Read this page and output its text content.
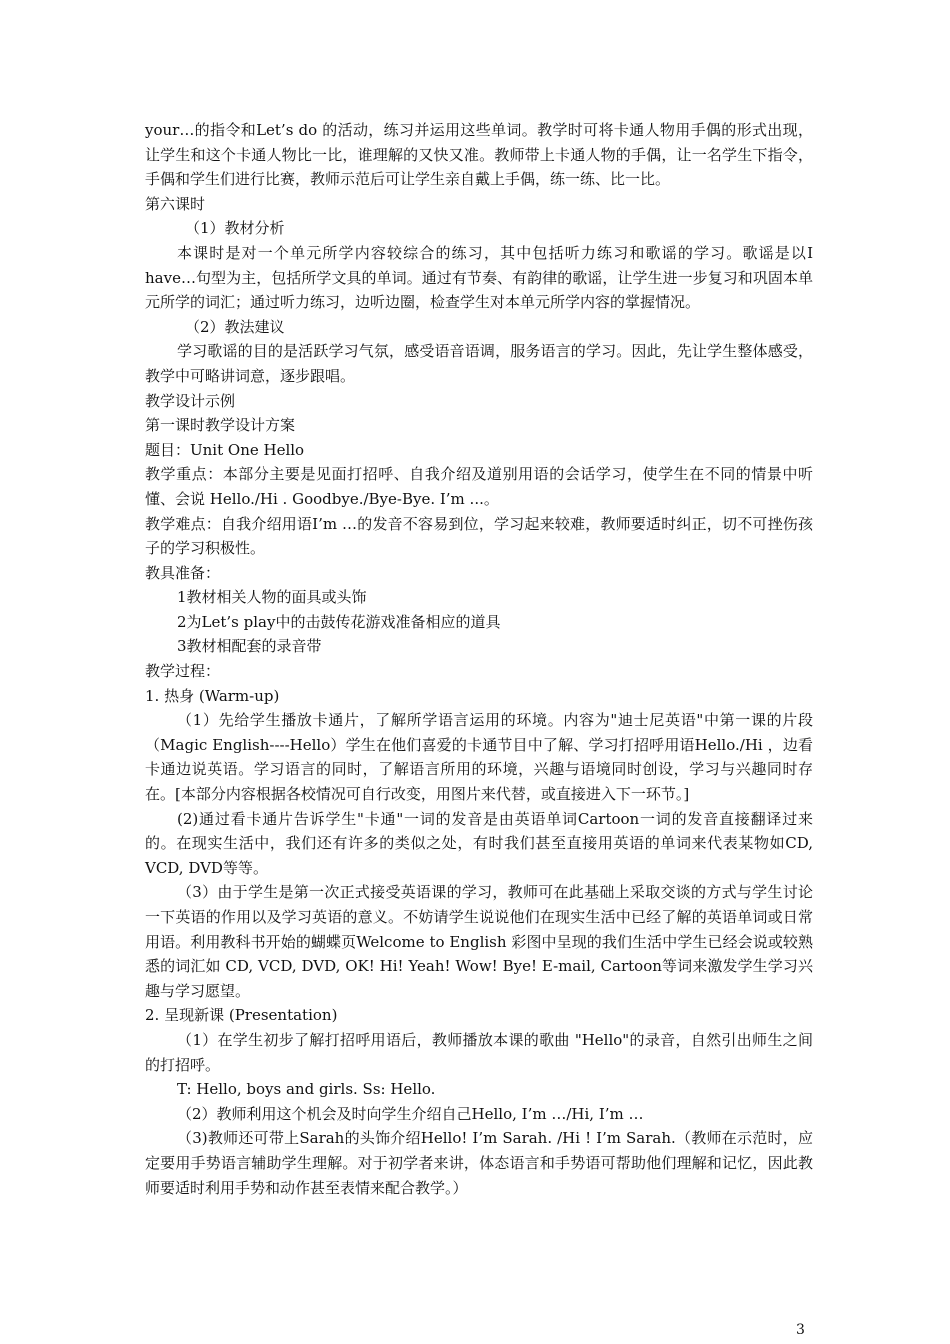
your…的指令和Let’s do 的活动，练习并运用这些单词。教学时可将卡通人物用手偶的形式出现，让学生和这个卡通人物比一比，谁理解的又快又准。教师带上卡通人物的手偶，让一名学生下指令，手偶和学生们进行比赛，教师示范后可让学生亲自戴上手偶，练一练、比一比。

第六课时

（1）教材分析

本课时是对一个单元所学内容较综合的练习，其中包括听力练习和歌谣的学习。歌谣是以I have…句型为主，包括所学文具的单词。通过有节奏、有韵律的歌谣，让学生进一步复习和巩固本单元所学的词汇；通过听力练习，边听边圈，检查学生对本单元所学内容的掌握情况。

（2）教法建议

学习歌谣的目的是活跃学习气氛，感受语音语调，服务语言的学习。因此，先让学生整体感受，教学中可略讲词意，逐步跟唱。

教学设计示例

第一课时教学设计方案

题目：Unit One Hello

教学重点：本部分主要是见面打招呼、自我介绍及道别用语的会话学习，使学生在不同的情景中听懂、会说 Hello./Hi . Goodbye./Bye-Bye. I’m ...。

教学难点：自我介绍用语I’m …的发音不容易到位，学习起来较难，教师要适时纠正，切不可挫伤孩子的学习积极性。

教具准备：

1教材相关人物的面具或头饰

2为Let’s play中的击鼓传花游戏准备相应的道具

3教材相配套的录音带

教学过程：

1. 热身 (Warm-up)

（1）先给学生播放卡通片，了解所学语言运用的环境。内容为"迪士尼英语"中第一课的片段（Magic English----Hello）学生在他们喜爱的卡通节目中了解、学习打招呼用语Hello./Hi ，边看卡通边说英语。学习语言的同时，了解语言所用的环境，兴趣与语境同时创设，学习与兴趣同时存在。[本部分内容根据各校情况可自行改变，用图片来代替，或直接进入下一环节。]

(2)通过看卡通片告诉学生"卡通"一词的发音是由英语单词Cartoon一词的发音直接翻译过来的。在现实生活中，我们还有许多的类似之处，有时我们甚至直接用英语的单词来代表某物如CD, VCD, DVD等等。

（3）由于学生是第一次正式接受英语课的学习，教师可在此基础上采取交谈的方式与学生讨论一下英语的作用以及学习英语的意义。不妨请学生说说他们在现实生活中已经了解的英语单词或日常用语。利用教科书开始的蝴蝶页Welcome to English 彩图中呈现的我们生活中学生已经会说或较熟悉的词汇如 CD, VCD, DVD, OK! Hi! Yeah! Wow! Bye! E-mail, Cartoon等词来激发学生学习兴趣与学习愿望。

2. 呈现新课 (Presentation)

（1）在学生初步了解打招呼用语后，教师播放本课的歌曲 "Hello"的录音，自然引出师生之间的打招呼。

T: Hello, boys and girls. Ss: Hello.

（2）教师利用这个机会及时向学生介绍自己Hello, I’m …/Hi, I’m …

（3)教师还可带上Sarah的头饰介绍Hello! I’m Sarah. /Hi ! I’m Sarah.（教师在示范时，应定要用手势语言辅助学生理解。对于初学者来讲，体态语言和手势语可帮助他们理解和记忆，因此教师要适时利用手势和动作甚至表情来配合教学。）

3
